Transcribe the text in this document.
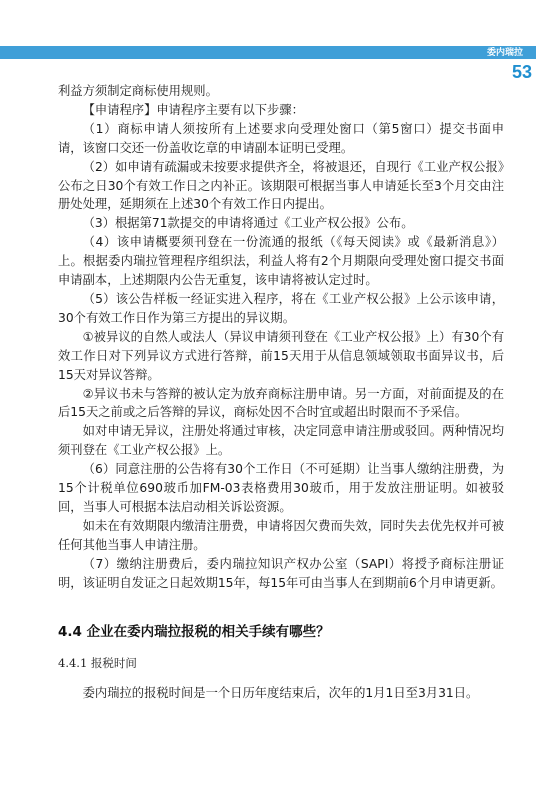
委内瑞拉
53

利益方须制定商标使用规则。

【申请程序】申请程序主要有以下步骤：

（1）商标申请人须按所有上述要求向受理处窗口（第5窗口）提交书面申请，该窗口交还一份盖收讫章的申请副本证明已受理。

（2）如申请有疏漏或未按要求提供齐全，将被退还，自现行《工业产权公报》公布之日30个有效工作日之内补正。该期限可根据当事人申请延长至3个月交由注册处处理，延期须在上述30个有效工作日内提出。

（3）根据第71款提交的申请将通过《工业产权公报》公布。

（4）该申请概要须刊登在一份流通的报纸（《每天阅读》或《最新消息》）上。根据委内瑞拉管理程序组织法，利益人将有2个月期限向受理处窗口提交书面申请副本，上述期限内公告无重复，该申请将被认定过时。

（5）该公告样板一经证实进入程序，将在《工业产权公报》上公示该申请，30个有效工作日作为第三方提出的异议期。

①被异议的自然人或法人（异议申请须刊登在《工业产权公报》上）有30个有效工作日对下列异议方式进行答辩，前15天用于从信息领域领取书面异议书，后15天对异议答辩。

②异议书未与答辩的被认定为放弃商标注册申请。另一方面，对前面提及的在后15天之前或之后答辩的异议，商标处因不合时宜或超出时限而不予采信。

如对申请无异议，注册处将通过审核，决定同意申请注册或驳回。两种情况均须刊登在《工业产权公报》上。

（6）同意注册的公告将有30个工作日（不可延期）让当事人缴纳注册费，为15个计税单位690玻币加FM-03表格费用30玻币，用于发放注册证明。如被驳回，当事人可根据本法启动相关诉讼资源。

如未在有效期限内缴清注册费，申请将因欠费而失效，同时失去优先权并可被任何其他当事人申请注册。

（7）缴纳注册费后，委内瑞拉知识产权办公室（SAPI）将授予商标注册证明，该证明自发证之日起效期15年，每15年可由当事人在到期前6个月申请更新。

4.4 企业在委内瑞拉报税的相关手续有哪些？
4.4.1 报税时间

委内瑞拉的报税时间是一个日历年度结束后，次年的1月1日至3月31日。
